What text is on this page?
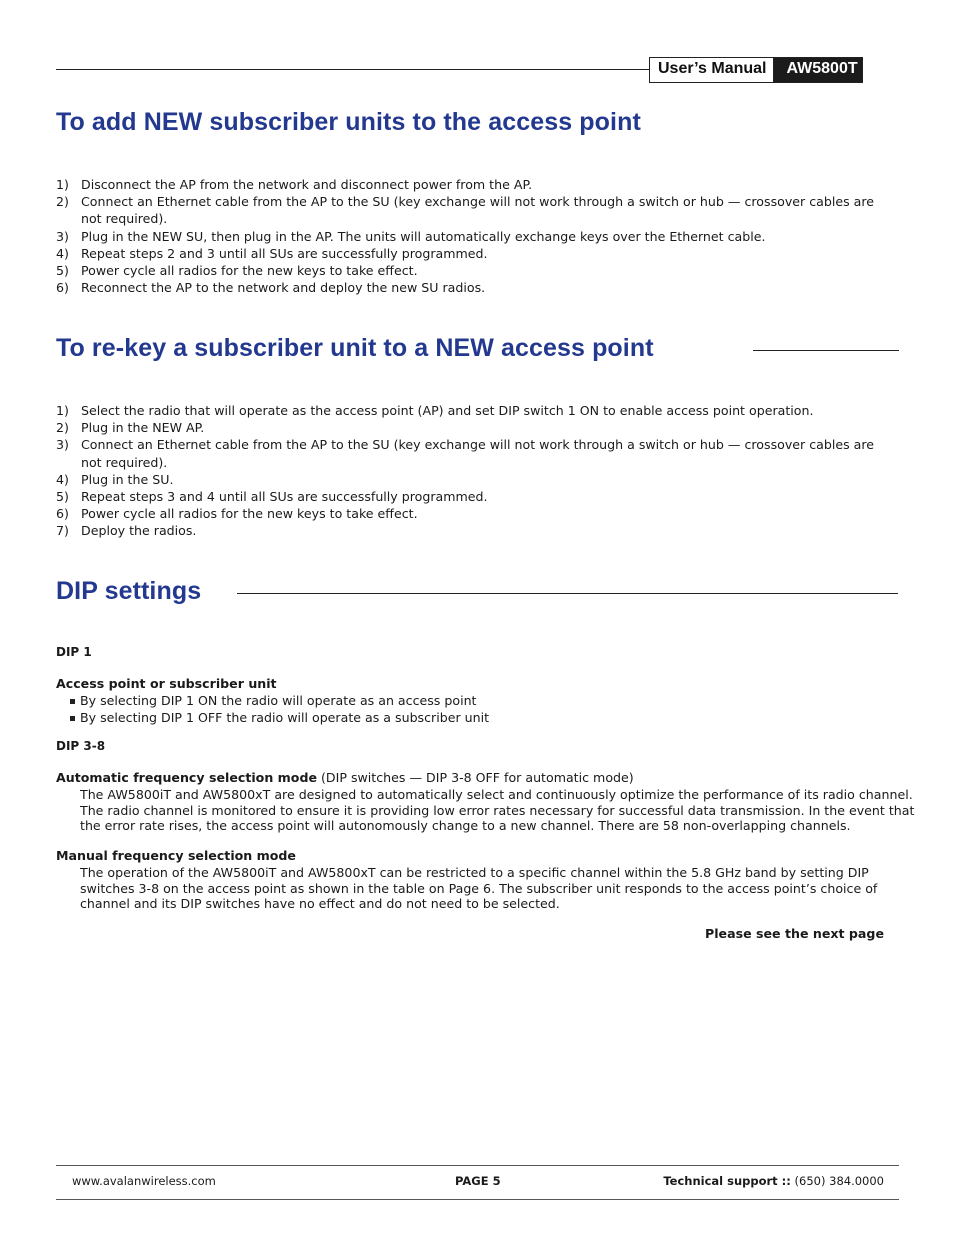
User’s Manual	AW5800T
To add NEW subscriber units to the access point
1) Disconnect the AP from the network and disconnect power from the AP.
2) Connect an Ethernet cable from the AP to the SU (key exchange will not work through a switch or hub — crossover cables are not required).
3) Plug in the NEW SU, then plug in the AP. The units will automatically exchange keys over the Ethernet cable.
4) Repeat steps 2 and 3 until all SUs are successfully programmed.
5) Power cycle all radios for the new keys to take effect.
6) Reconnect the AP to the network and deploy the new SU radios.
To re-key a subscriber unit to a NEW access point
1) Select the radio that will operate as the access point (AP) and set DIP switch 1 ON to enable access point operation.
2) Plug in the NEW AP.
3) Connect an Ethernet cable from the AP to the SU (key exchange will not work through a switch or hub — crossover cables are not required).
4) Plug in the SU.
5) Repeat steps 3 and 4 until all SUs are successfully programmed.
6) Power cycle all radios for the new keys to take effect.
7) Deploy the radios.
DIP settings
DIP 1
Access point or subscriber unit
By selecting DIP 1 ON the radio will operate as an access point
By selecting DIP 1 OFF the radio will operate as a subscriber unit
DIP 3-8
Automatic frequency selection mode (DIP switches — DIP 3-8 OFF for automatic mode)
The AW5800iT and AW5800xT are designed to automatically select and continuously optimize the performance of its radio channel.
The radio channel is monitored to ensure it is providing low error rates necessary for successful data transmission. In the event that
the error rate rises, the access point will autonomously change to a new channel. There are 58 non-overlapping channels.
Manual frequency selection mode
The operation of the AW5800iT and AW5800xT can be restricted to a specific channel within the 5.8 GHz band by setting DIP
switches 3-8 on the access point as shown in the table on Page 6. The subscriber unit responds to the access point’s choice of
channel and its DIP switches have no effect and do not need to be selected.
Please see the next page
www.avalanwireless.com	PAGE 5	Technical support :: (650) 384.0000
